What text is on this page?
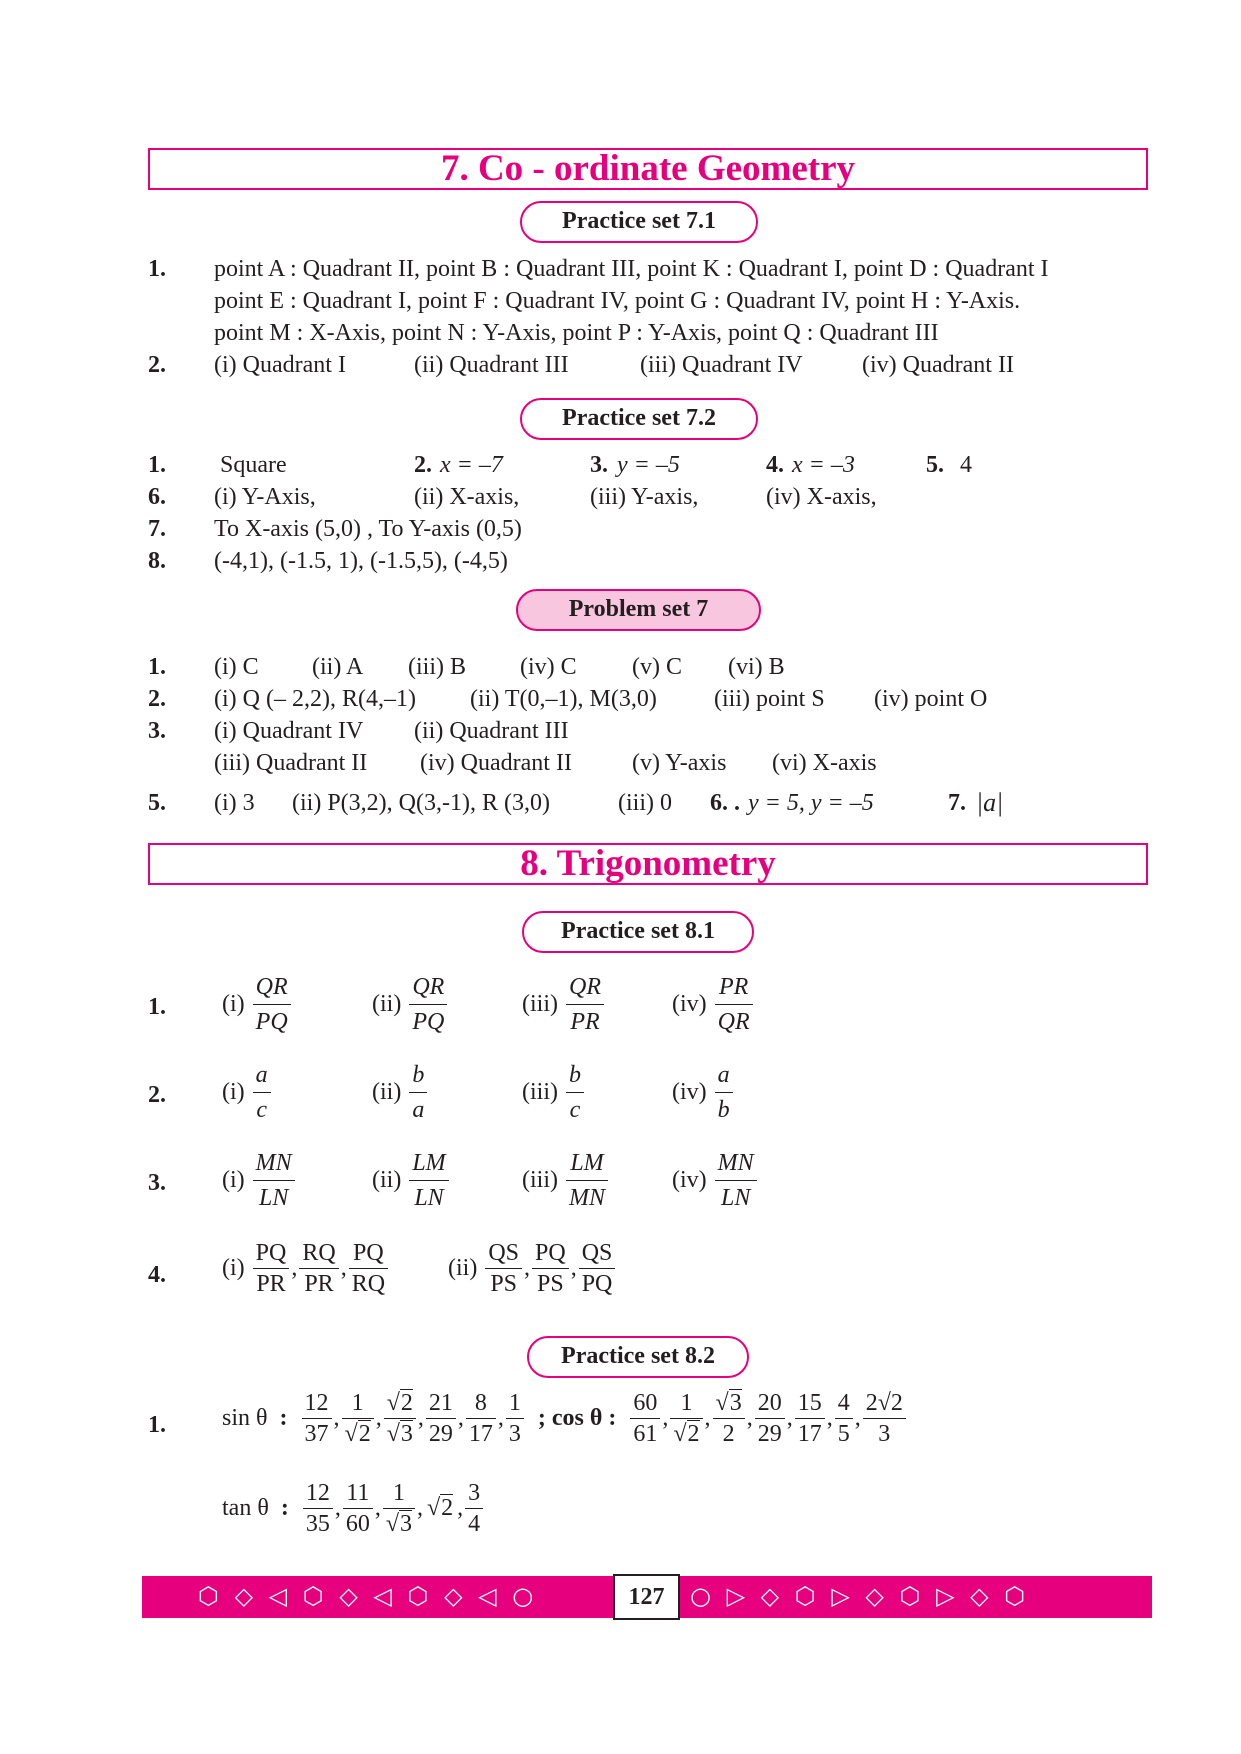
7. Co - ordinate Geometry
Practice set 7.1
1. point A : Quadrant II, point B : Quadrant III, point K : Quadrant I, point D : Quadrant I
point E : Quadrant I, point F : Quadrant IV, point G : Quadrant IV, point H : Y-Axis.
point M : X-Axis, point N : Y-Axis, point P : Y-Axis, point Q : Quadrant III
2. (i) Quadrant I	(ii) Quadrant III	(iii) Quadrant IV (iv) Quadrant II
Practice set 7.2
1. Square	2. x = –7	3. y = –5	4. x = –3	5. 4
6. (i) Y-Axis,	(ii) X-axis,	(iii) Y-axis,	(iv) X-axis,
7. To X-axis (5,0) , To Y-axis (0,5)
8. (-4,1), (-1.5, 1), (-1.5,5), (-4,5)
Problem set 7
1. (i) C (ii) A (iii) B (iv) C (v) C (vi) B
2. (i) Q (– 2,2), R(4,–1) (ii) T(0,–1), M(3,0) (iii) point S (iv) point O
3. (i) Quadrant IV (ii) Quadrant III
(iii) Quadrant II (iv) Quadrant II	(v) Y-axis (vi) X-axis
5. (i) 3 (ii) P(3,2), Q(3,-1), R (3,0)	(iii) 0 6. . y = 5, y = –5	7. |a|
8. Trigonometry
Practice set 8.1
1. $(i) \frac{QR}{PQ}$	$(ii) \frac{QR}{PQ}$	$(iii) \frac{QR}{PR}$	$(iv) \frac{PR}{QR}$
2. $(i) \frac{a}{c}$	$(ii) \frac{b}{a}$	$(iii) \frac{b}{c}$	$(iv) \frac{a}{b}$
3. $(i) \frac{MN}{LN}$	$(ii) \frac{LM}{LN}$	$(iii) \frac{LM}{MN}$	$(iv) \frac{MN}{LN}$
4. $(i) \frac{PQ}{PR}$ , $\frac{RQ}{PR}$ , $\frac{PQ}{RQ} (ii) \frac{QS}{PS}$ , $\frac{PQ}{PS}$ , $\frac{QS}{PQ}$
Practice set 8.2
1. sin θ : $\frac{12}{37}$ , $\frac{1}{√2}$ , $\frac{√2}{√3}$ , $\frac{21}{29}$ , $\frac{8}{17}$ , $\frac{1}{3}$ ; cos θ : $\frac{60}{61}$ , $\frac{1}{√2}$ , $\frac{√3}{2}$ , $\frac{20}{29}$ , $\frac{15}{17}$ , $\frac{4}{5}$ , $\frac{2√2}{3}$
tan θ : $\frac{12}{35}$ , $\frac{11}{60}$ , $\frac{1}{√3}$ , √2 , $\frac{3}{4}$
⬡ ◇ ◁ ⬡ ◇ ◁ ⬡ ◇ ◁ ○	○ ▷ ◇ ⬡ ▷ ◇ ⬡ ▷ ◇ ⬡
127
